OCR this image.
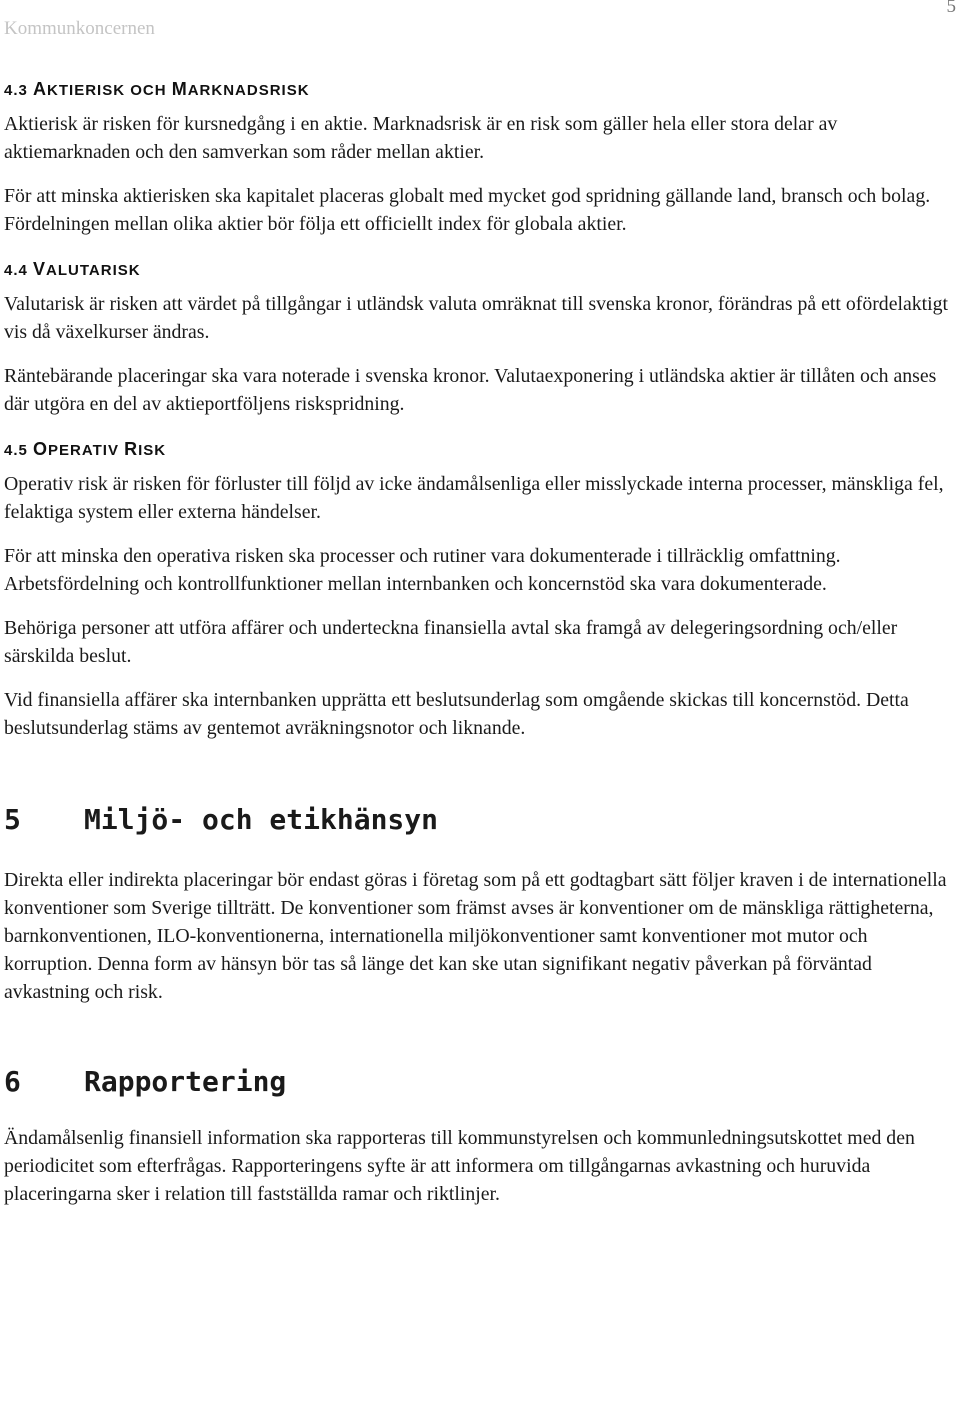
Kommunkoncernen
5
4.3 AKTIERISK OCH MARKNADSRISK

Aktierisk är risken för kursnedgång i en aktie. Marknadsrisk är en risk som gäller hela eller stora delar av aktiemarknaden och den samverkan som råder mellan aktier.

För att minska aktierisken ska kapitalet placeras globalt med mycket god spridning gällande land, bransch och bolag. Fördelningen mellan olika aktier bör följa ett officiellt index för globala aktier.

4.4 VALUTARISK

Valutarisk är risken att värdet på tillgångar i utländsk valuta omräknat till svenska kronor, förändras på ett ofördelaktigt vis då växelkurser ändras.

Räntebärande placeringar ska vara noterade i svenska kronor. Valutaexponering i utländska aktier är tillåten och anses där utgöra en del av aktieportföljens riskspridning.

4.5 OPERATIV RISK

Operativ risk är risken för förluster till följd av icke ändamålsenliga eller misslyckade interna processer, mänskliga fel, felaktiga system eller externa händelser.

För att minska den operativa risken ska processer och rutiner vara dokumenterade i tillräcklig omfattning. Arbetsfördelning och kontrollfunktioner mellan internbanken och koncernstöd ska vara dokumenterade.

Behöriga personer att utföra affärer och underteckna finansiella avtal ska framgå av delegeringsordning och/eller särskilda beslut.

Vid finansiella affärer ska internbanken upprätta ett beslutsunderlag som omgående skickas till koncernstöd. Detta beslutsunderlag stäms av gentemot avräkningsnotor och liknande.

5 Miljö- och etikhänsyn

Direkta eller indirekta placeringar bör endast göras i företag som på ett godtagbart sätt följer kraven i de internationella konventioner som Sverige tillträtt. De konventioner som främst avses är konventioner om de mänskliga rättigheterna, barnkonventionen, ILO-konventionerna, internationella miljökonventioner samt konventioner mot mutor och korruption. Denna form av hänsyn bör tas så länge det kan ske utan signifikant negativ påverkan på förväntad avkastning och risk.

6 Rapportering

Ändamålsenlig finansiell information ska rapporteras till kommunstyrelsen och kommunledningsutskottet med den periodicitet som efterfrågas. Rapporteringens syfte är att informera om tillgångarnas avkastning och huruvida placeringarna sker i relation till fastställda ramar och riktlinjer.
